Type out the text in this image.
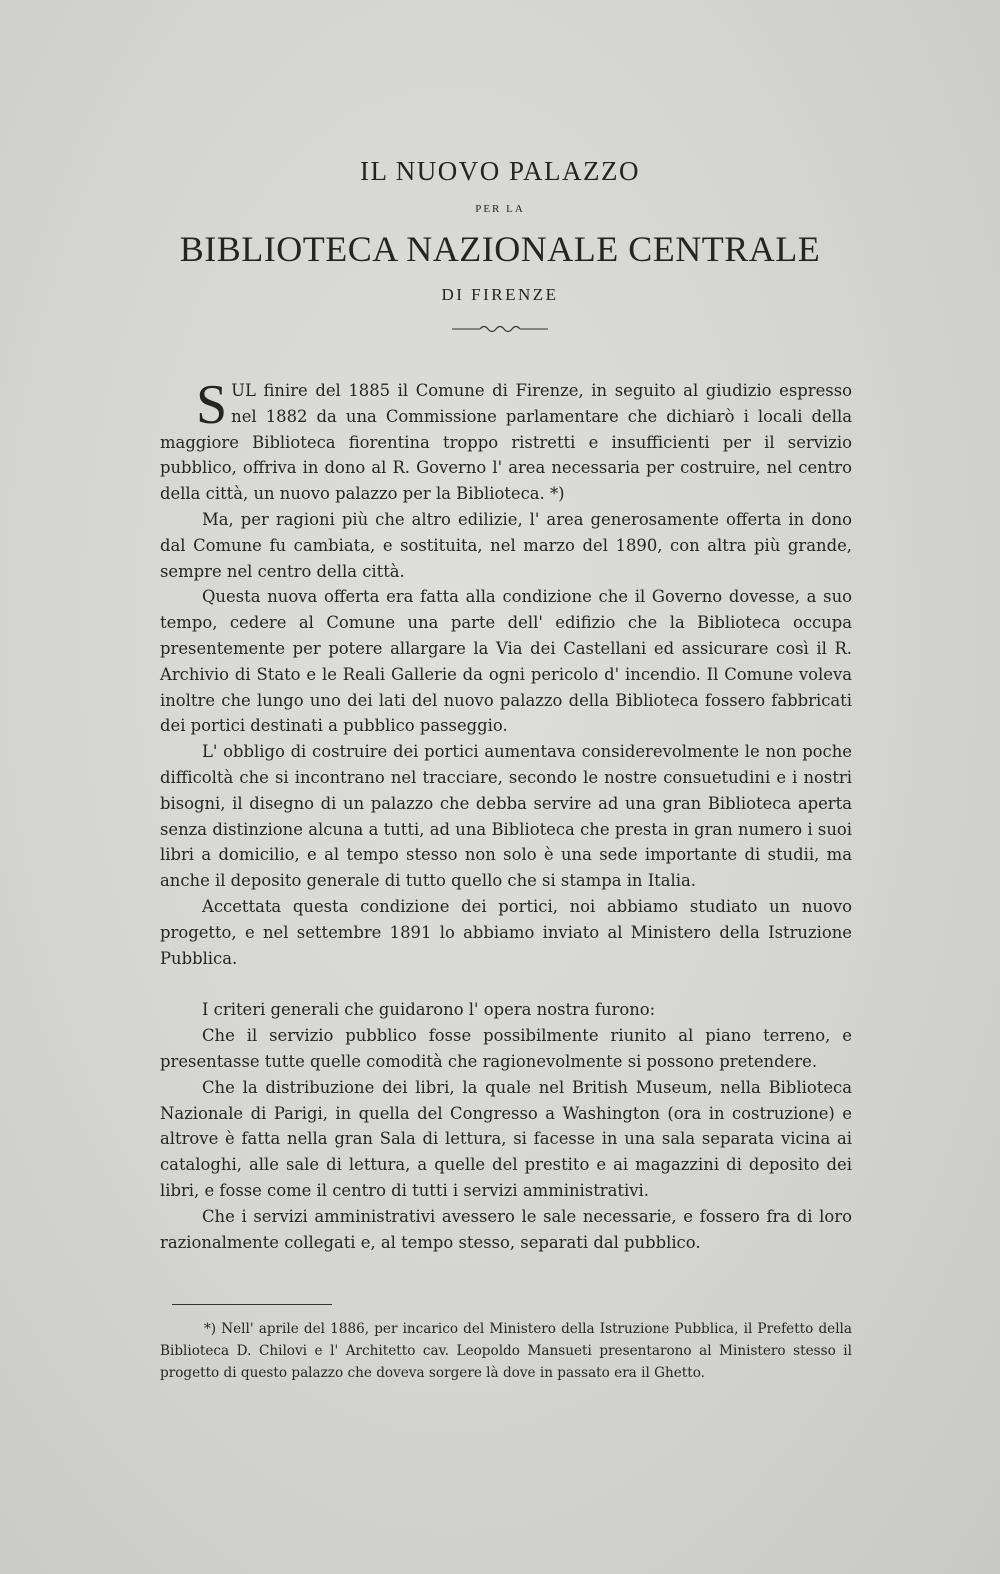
IL NUOVO PALAZZO
PER LA
BIBLIOTECA NAZIONALE CENTRALE
DI FIRENZE

SUL finire del 1885 il Comune di Firenze, in seguito al giudizio espresso nel 1882 da una Commissione parlamentare che dichiarò i locali della maggiore Biblioteca fiorentina troppo ristretti e insufficienti per il servizio pubblico, offriva in dono al R. Governo l' area necessaria per costruire, nel centro della città, un nuovo palazzo per la Biblioteca. *)

Ma, per ragioni più che altro edilizie, l' area generosamente offerta in dono dal Comune fu cambiata, e sostituita, nel marzo del 1890, con altra più grande, sempre nel centro della città.

Questa nuova offerta era fatta alla condizione che il Governo dovesse, a suo tempo, cedere al Comune una parte dell' edifizio che la Biblioteca occupa presentemente per potere allargare la Via dei Castellani ed assicurare così il R. Archivio di Stato e le Reali Gallerie da ogni pericolo d' incendio. Il Comune voleva inoltre che lungo uno dei lati del nuovo palazzo della Biblioteca fossero fabbricati dei portici destinati a pubblico passeggio.

L' obbligo di costruire dei portici aumentava considerevolmente le non poche difficoltà che si incontrano nel tracciare, secondo le nostre consuetudini e i nostri bisogni, il disegno di un palazzo che debba servire ad una gran Biblioteca aperta senza distinzione alcuna a tutti, ad una Biblioteca che presta in gran numero i suoi libri a domicilio, e al tempo stesso non solo è una sede importante di studii, ma anche il deposito generale di tutto quello che si stampa in Italia.

Accettata questa condizione dei portici, noi abbiamo studiato un nuovo progetto, e nel settembre 1891 lo abbiamo inviato al Ministero della Istruzione Pubblica.

I criteri generali che guidarono l' opera nostra furono:

Che il servizio pubblico fosse possibilmente riunito al piano terreno, e presentasse tutte quelle comodità che ragionevolmente si possono pretendere.

Che la distribuzione dei libri, la quale nel British Museum, nella Biblioteca Nazionale di Parigi, in quella del Congresso a Washington (ora in costruzione) e altrove è fatta nella gran Sala di lettura, si facesse in una sala separata vicina ai cataloghi, alle sale di lettura, a quelle del prestito e ai magazzini di deposito dei libri, e fosse come il centro di tutti i servizi amministrativi.

Che i servizi amministrativi avessero le sale necessarie, e fossero fra di loro razionalmente collegati e, al tempo stesso, separati dal pubblico.

*) Nell' aprile del 1886, per incarico del Ministero della Istruzione Pubblica, il Prefetto della Biblioteca D. Chilovi e l' Architetto cav. Leopoldo Mansueti presentarono al Ministero stesso il progetto di questo palazzo che doveva sorgere là dove in passato era il Ghetto.
